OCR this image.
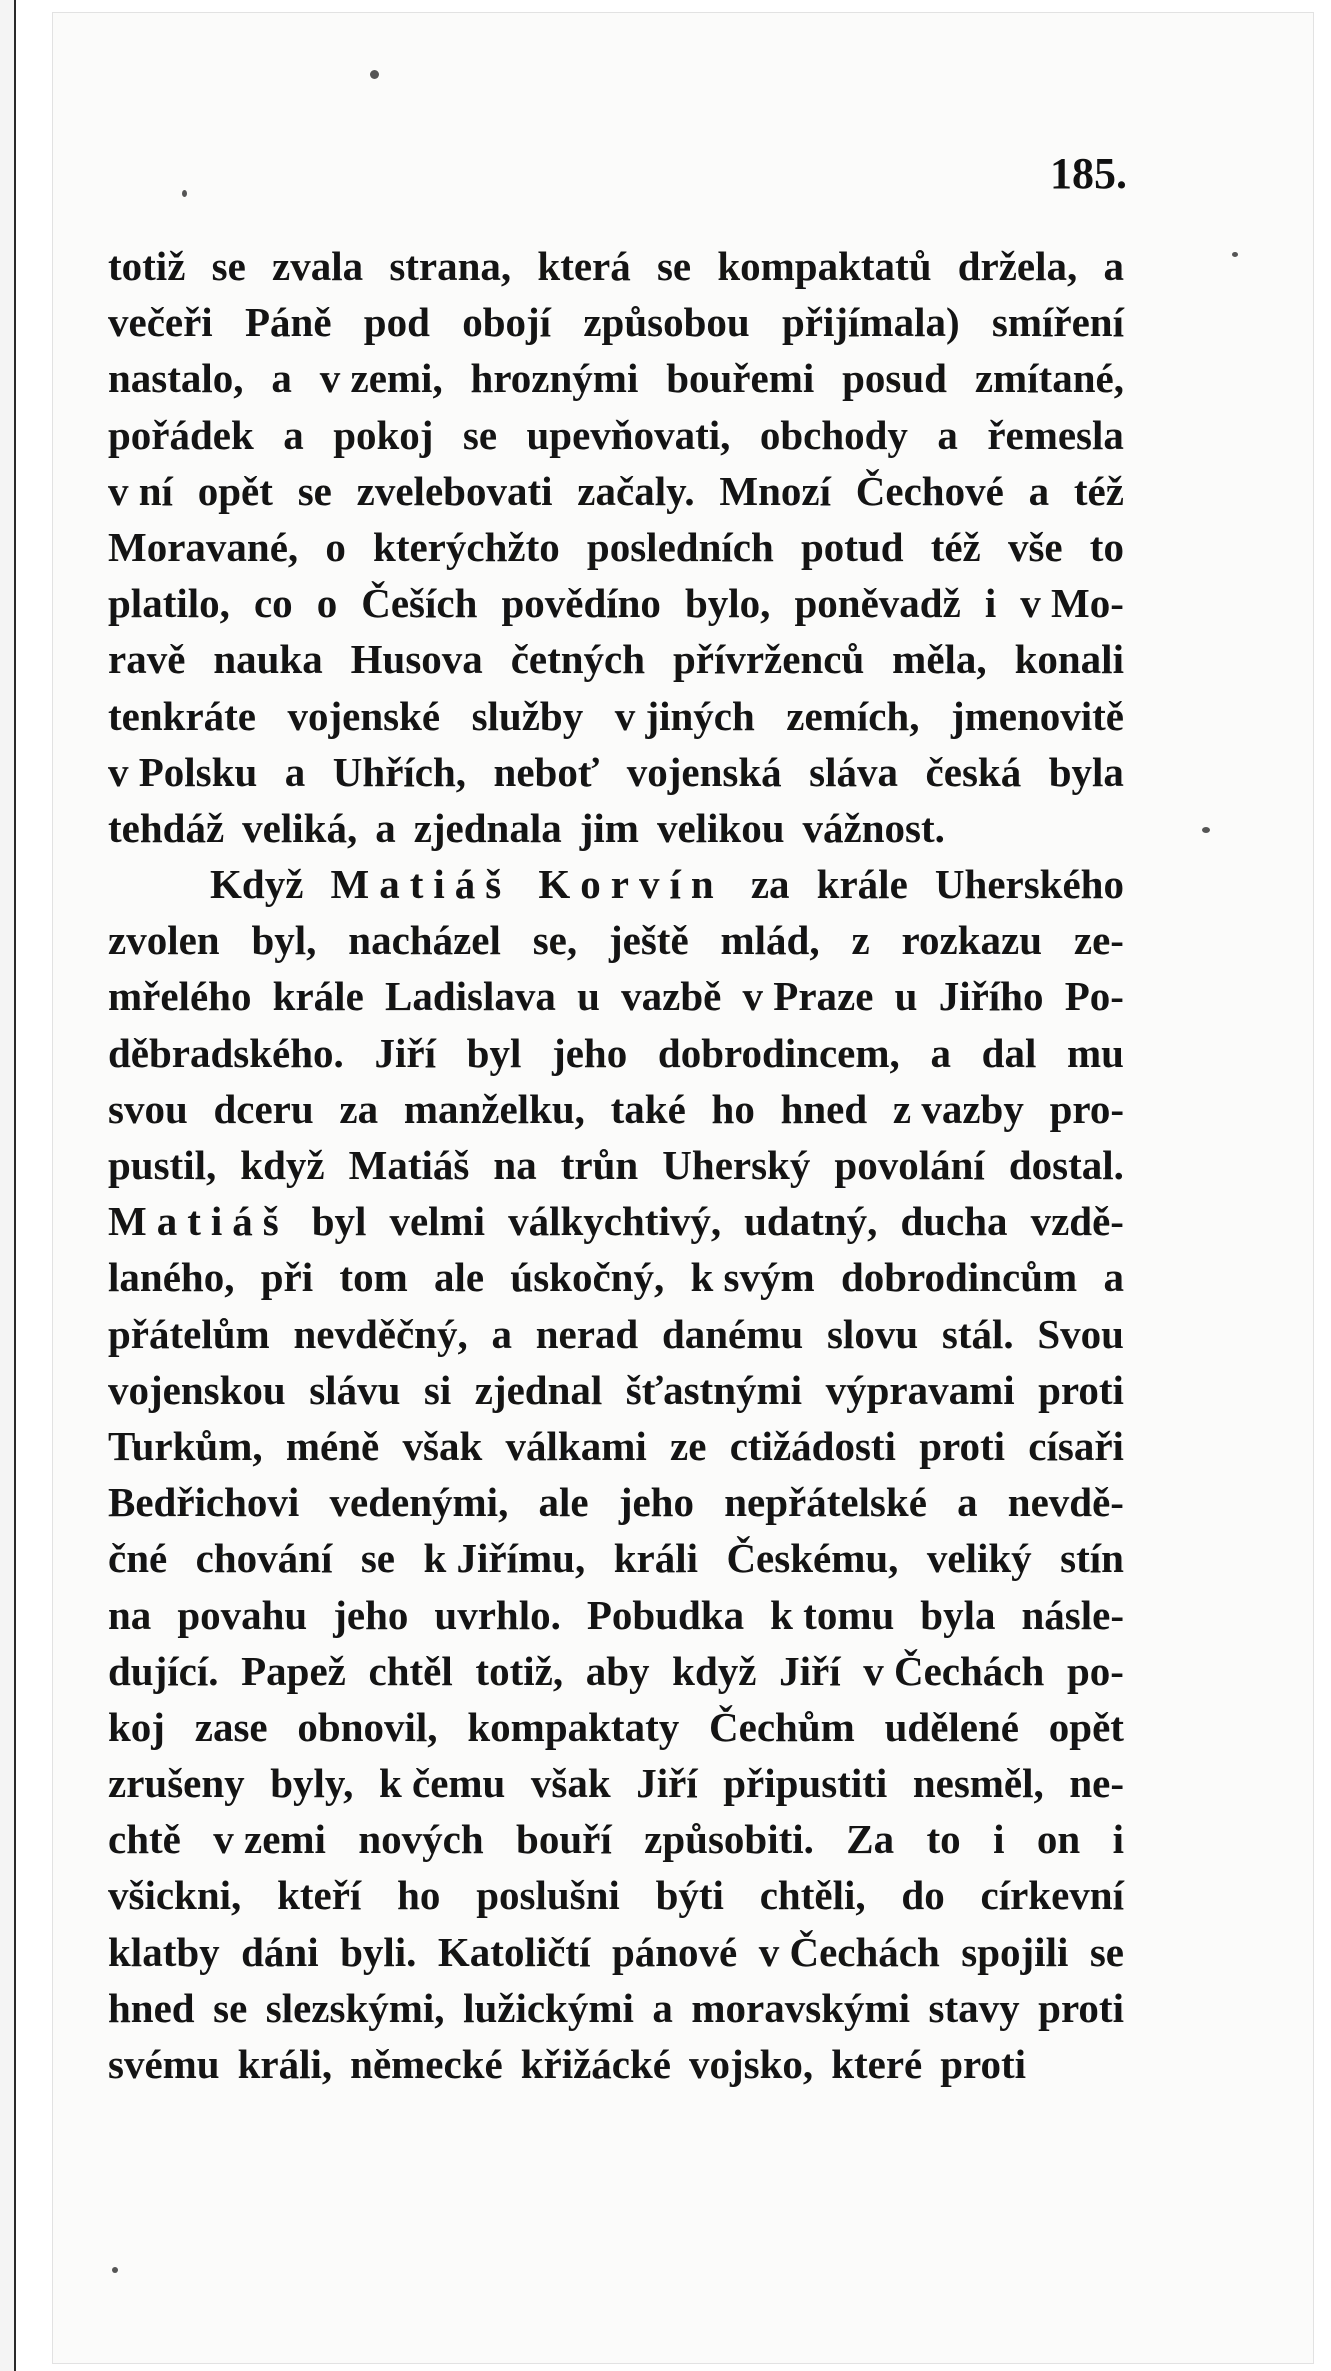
185.
totiž se zvala strana, která se kompaktatů držela, a
večeři Páně pod obojí způsobou přijímala) smíření
nastalo, a v zemi, hroznými bouřemi posud zmítané,
pořádek a pokoj se upevňovati, obchody a řemesla
v ní opět se zvelebovati začaly. Mnozí Čechové a též
Moravané, o kterýchžto posledních potud též vše to
platilo, co o Češích povědíno bylo, poněvadž i v Mo-
ravě nauka Husova četných přívrženců měla, konali
tenkráte vojenské služby v jiných zemích, jmenovitě
v Polsku a Uhřích, neboť vojenská sláva česká byla
tehdáž veliká, a zjednala jim velikou vážnost.
Když Matiáš Korvín za krále Uherského
zvolen byl, nacházel se, ještě mlád, z rozkazu ze-
mřelého krále Ladislava u vazbě v Praze u Jiřího Po-
děbradského. Jiří byl jeho dobrodincem, a dal mu
svou dceru za manželku, také ho hned z vazby pro-
pustil, když Matiáš na trůn Uherský povolání dostal.
Matiáš byl velmi válkychtivý, udatný, ducha vzdě-
laného, při tom ale úskočný, k svým dobrodincům a
přátelům nevděčný, a nerad danému slovu stál. Svou
vojenskou slávu si zjednal šťastnými výpravami proti
Turkům, méně však válkami ze ctižádosti proti císaři
Bedřichovi vedenými, ale jeho nepřátelské a nevdě-
čné chování se k Jiřímu, králi Českému, veliký stín
na povahu jeho uvrhlo. Pobudka k tomu byla násle-
dující. Papež chtěl totiž, aby když Jiří v Čechách po-
koj zase obnovil, kompaktaty Čechům udělené opět
zrušeny byly, k čemu však Jiří připustiti nesměl, ne-
chtě v zemi nových bouří způsobiti. Za to i on i
všickni, kteří ho poslušni býti chtěli, do církevní
klatby dáni byli. Katoličtí pánové v Čechách spojili se
hned se slezskými, lužickými a moravskými stavy proti
svému králi, německé křižácké vojsko, které proti
